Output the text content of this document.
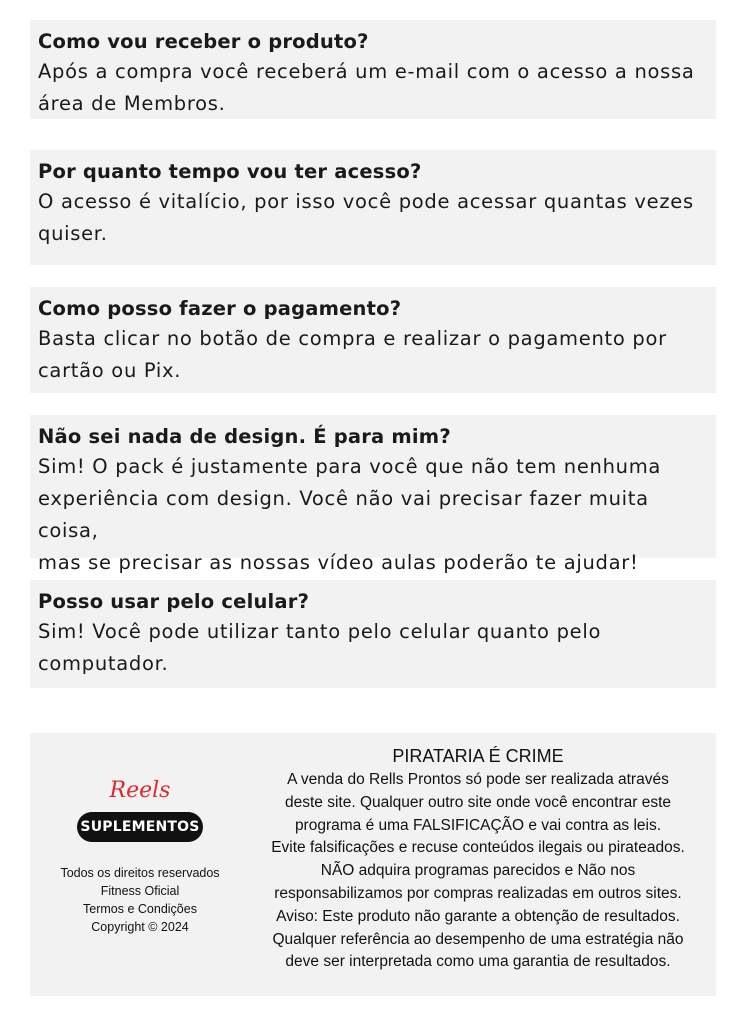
Como vou receber o produto?
Após a compra você receberá um e-mail com o acesso a nossa
área de Membros.
Por quanto tempo vou ter acesso?
O acesso é vitalício, por isso você pode acessar quantas vezes
quiser.
Como posso fazer o pagamento?
Basta clicar no botão de compra e realizar o pagamento por
cartão ou Pix.
Não sei nada de design. É para mim?
Sim! O pack é justamente para você que não tem nenhuma
experiência com design. Você não vai precisar fazer muita coisa,
mas se precisar as nossas vídeo aulas poderão te ajudar!
Posso usar pelo celular?
Sim! Você pode utilizar tanto pelo celular quanto pelo
computador.
Reels
SUPLEMENTOS
Todos os direitos reservados
Fitness Oficial
Termos e Condições
Copyright © 2024
PIRATARIA É CRIME
A venda do Rells Prontos só pode ser realizada através
deste site. Qualquer outro site onde você encontrar este
programa é uma FALSIFICAÇÃO e vai contra as leis.
Evite falsificações e recuse conteúdos ilegais ou pirateados.
NÃO adquira programas parecidos e Não nos
responsabilizamos por compras realizadas em outros sites.
Aviso: Este produto não garante a obtenção de resultados.
Qualquer referência ao desempenho de uma estratégia não
deve ser interpretada como uma garantia de resultados.
